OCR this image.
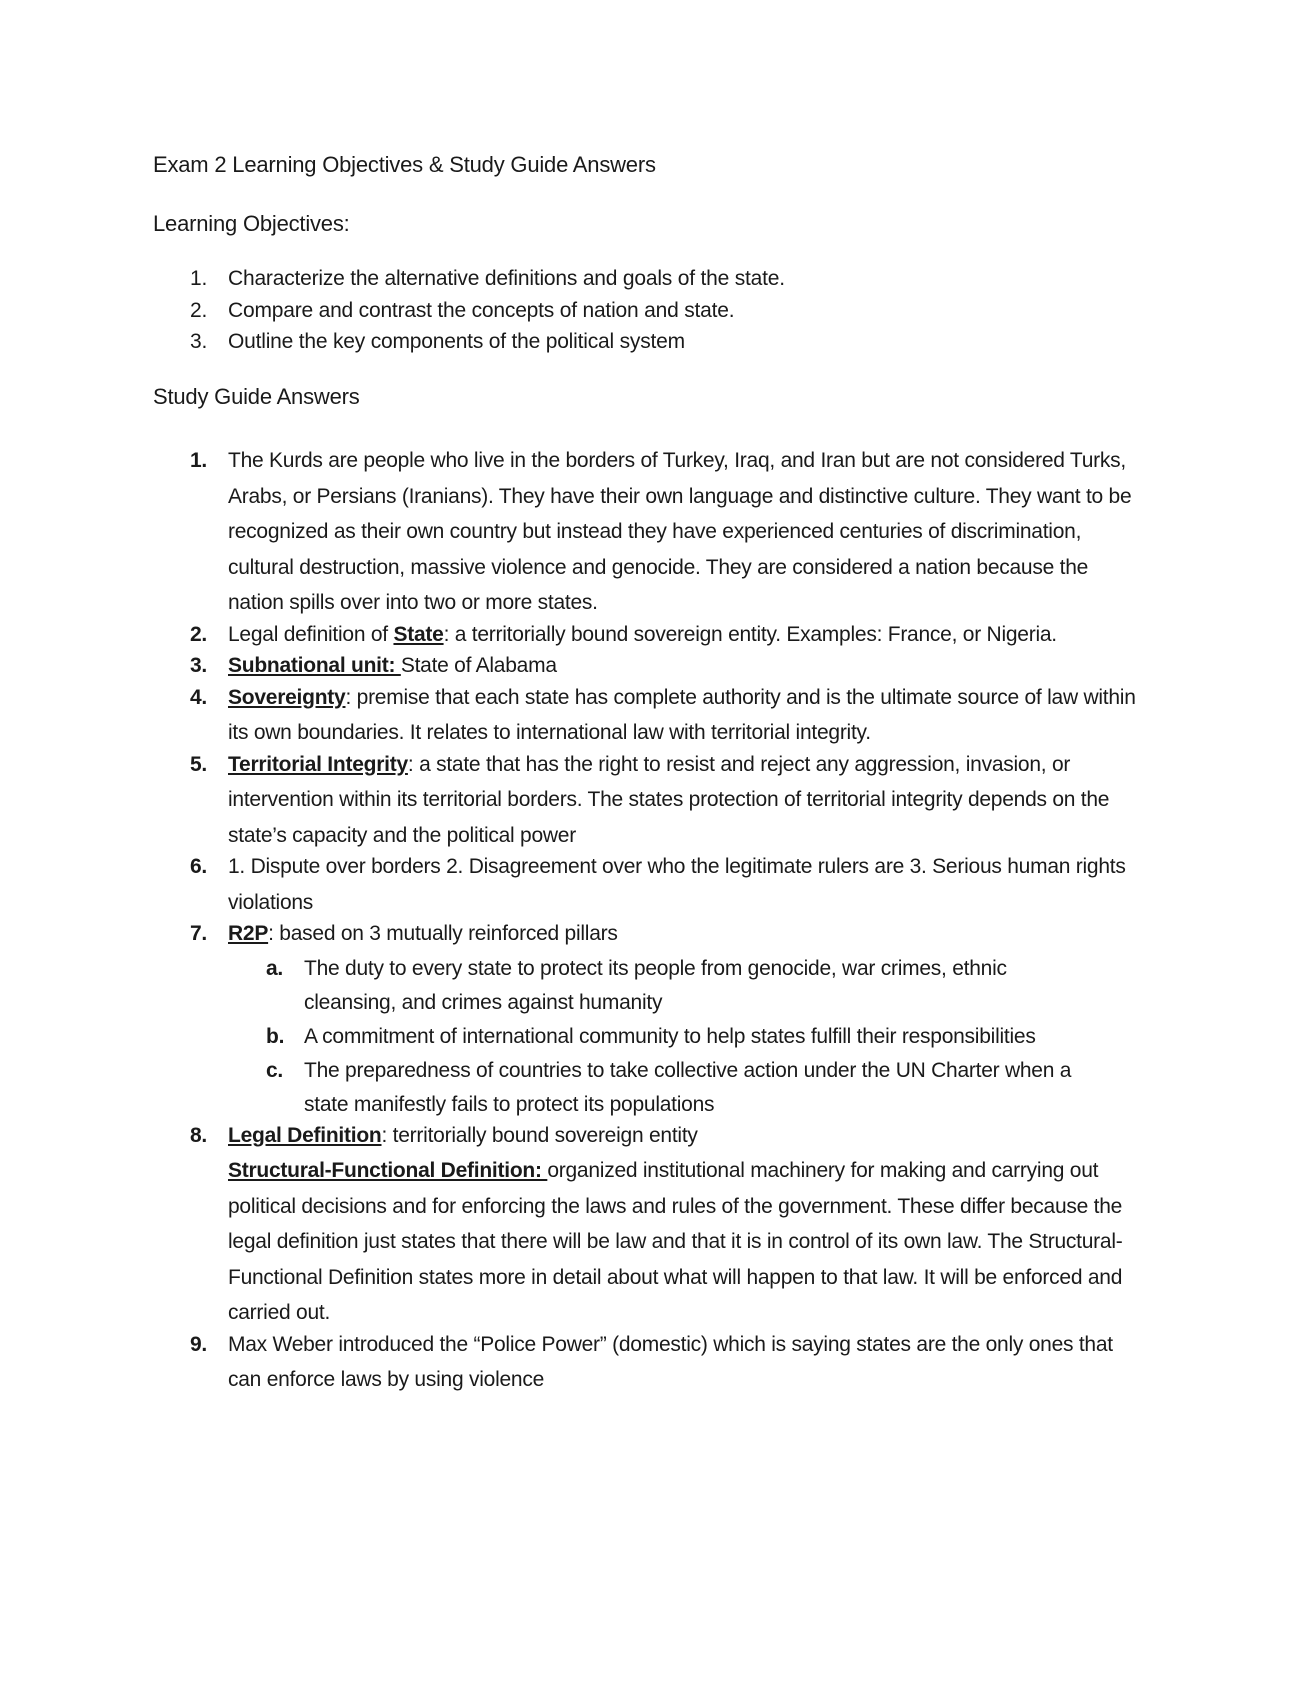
Exam 2 Learning Objectives & Study Guide Answers
Learning Objectives:
1. Characterize the alternative definitions and goals of the state.
2. Compare and contrast the concepts of nation and state.
3. Outline the key components of the political system
Study Guide Answers
1. The Kurds are people who live in the borders of Turkey, Iraq, and Iran but are not considered Turks, Arabs, or Persians (Iranians). They have their own language and distinctive culture. They want to be recognized as their own country but instead they have experienced centuries of discrimination, cultural destruction, massive violence and genocide. They are considered a nation because the nation spills over into two or more states.
2. Legal definition of State: a territorially bound sovereign entity. Examples: France, or Nigeria.
3. Subnational unit: State of Alabama
4. Sovereignty: premise that each state has complete authority and is the ultimate source of law within its own boundaries. It relates to international law with territorial integrity.
5. Territorial Integrity: a state that has the right to resist and reject any aggression, invasion, or intervention within its territorial borders. The states protection of territorial integrity depends on the state’s capacity and the political power
6. 1. Dispute over borders 2. Disagreement over who the legitimate rulers are 3. Serious human rights violations
7. R2P: based on 3 mutually reinforced pillars
a. The duty to every state to protect its people from genocide, war crimes, ethnic cleansing, and crimes against humanity
b. A commitment of international community to help states fulfill their responsibilities
c. The preparedness of countries to take collective action under the UN Charter when a state manifestly fails to protect its populations
8. Legal Definition: territorially bound sovereign entity
Structural-Functional Definition: organized institutional machinery for making and carrying out political decisions and for enforcing the laws and rules of the government. These differ because the legal definition just states that there will be law and that it is in control of its own law. The Structural-Functional Definition states more in detail about what will happen to that law. It will be enforced and carried out.
9. Max Weber introduced the “Police Power” (domestic) which is saying states are the only ones that can enforce laws by using violence
